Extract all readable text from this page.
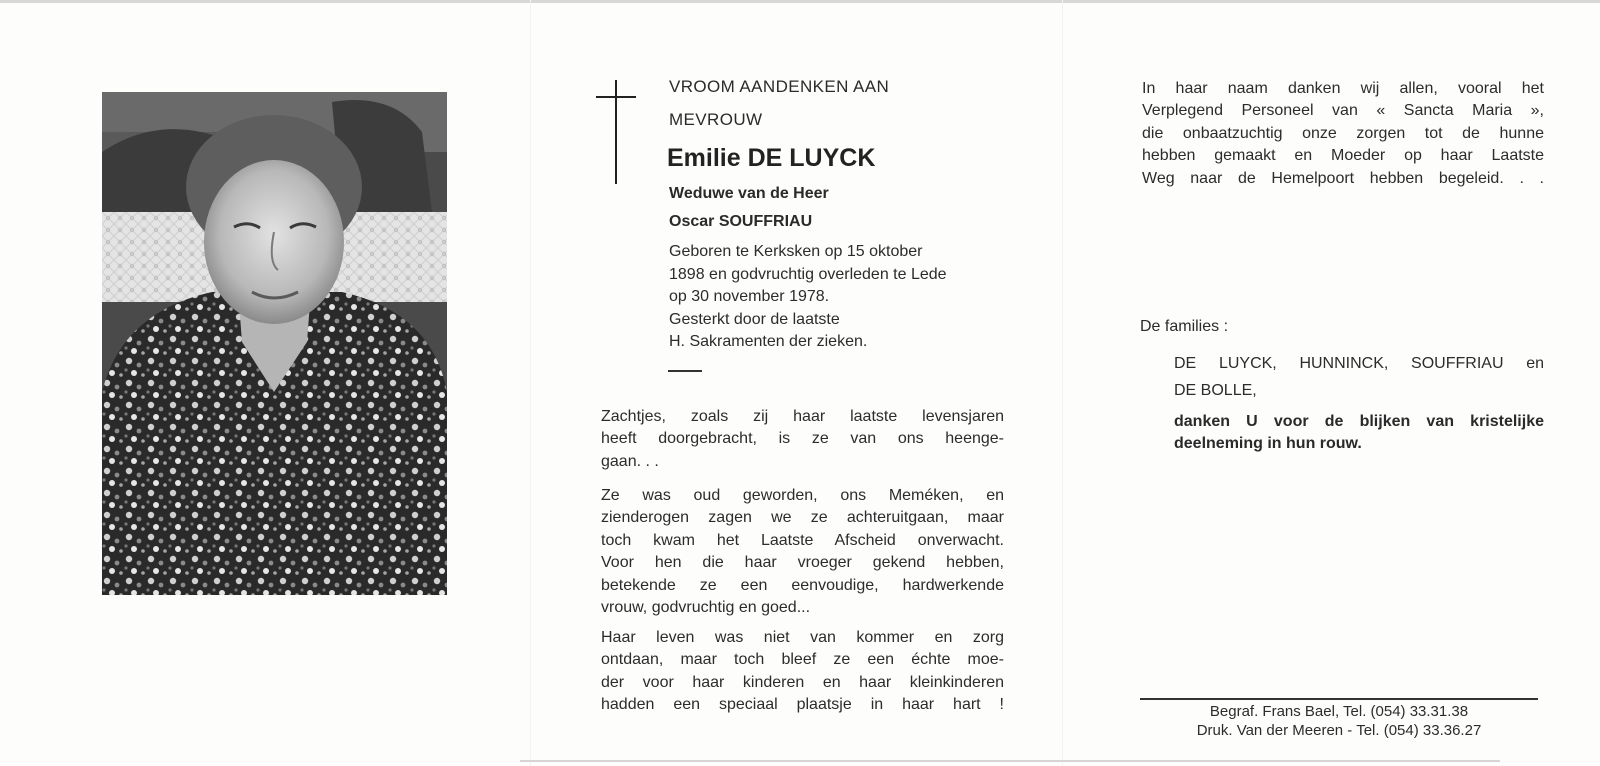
VROOM AANDENKEN AAN
MEVROUW
Emilie DE LUYCK
Weduwe van de Heer
Oscar SOUFFRIAU
Geboren te Kerksken op 15 oktober
1898 en godvruchtig overleden te Lede
op 30 november 1978.
Gesterkt door de laatste
H. Sakramenten der zieken.
Zachtjes, zoals zij haar laatste levensjaren
heeft doorgebracht, is ze van ons heenge-
gaan. . .
Ze was oud geworden, ons Meméken, en
zienderogen zagen we ze achteruitgaan, maar
toch kwam het Laatste Afscheid onverwacht.
Voor hen die haar vroeger gekend hebben,
betekende ze een eenvoudige, hardwerkende
vrouw, godvruchtig en goed...
Haar leven was niet van kommer en zorg
ontdaan, maar toch bleef ze een échte moe-
der voor haar kinderen en haar kleinkinderen
hadden een speciaal plaatsje in haar hart !
In haar naam danken wij allen, vooral het
Verplegend Personeel van « Sancta Maria »,
die onbaatzuchtig onze zorgen tot de hunne
hebben gemaakt en Moeder op haar Laatste
Weg naar de Hemelpoort hebben begeleid. . .
De families :
DE LUYCK, HUNNINCK, SOUFFRIAU en
DE BOLLE,
danken U voor de blijken van kristelijke
deelneming in hun rouw.
Begraf. Frans Bael, Tel. (054) 33.31.38
Druk. Van der Meeren - Tel. (054) 33.36.27
